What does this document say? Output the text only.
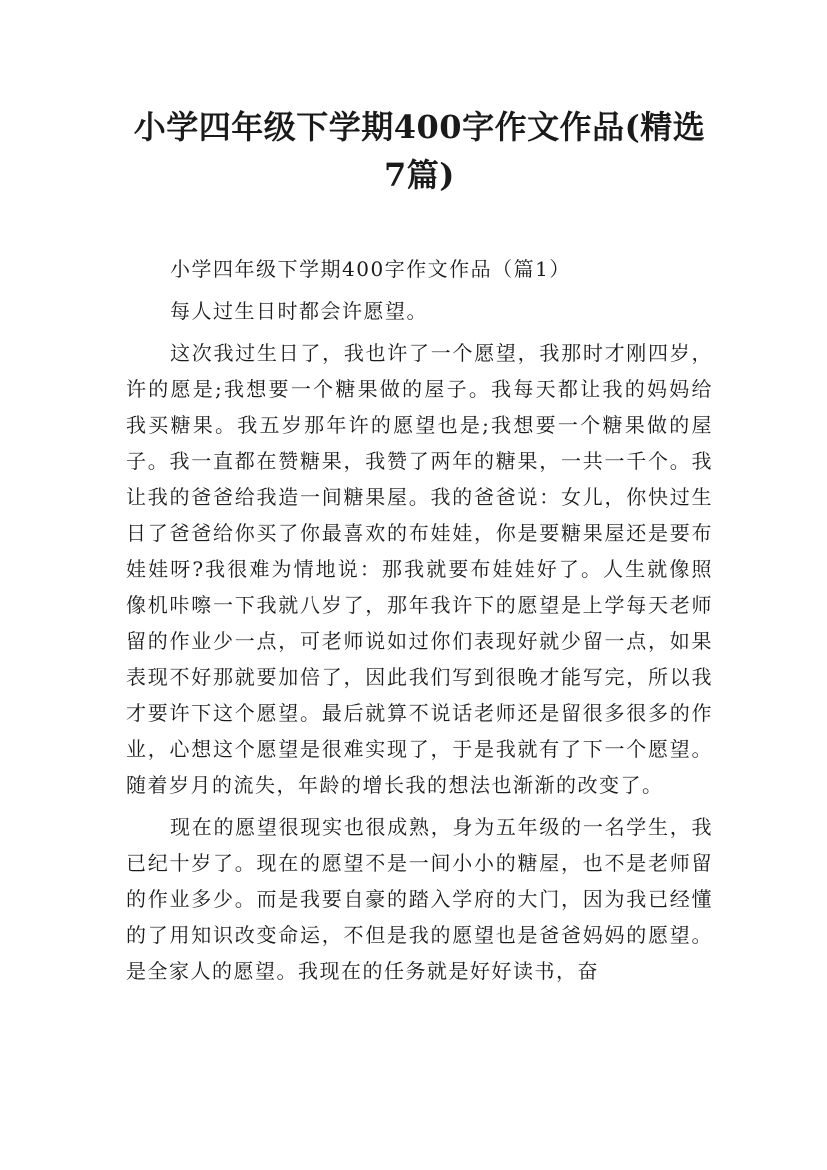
小学四年级下学期400字作文作品(精选7篇)

小学四年级下学期400字作文作品（篇1）

每人过生日时都会许愿望。

这次我过生日了，我也许了一个愿望，我那时才刚四岁，许的愿是;我想要一个糖果做的屋子。我每天都让我的妈妈给我买糖果。我五岁那年许的愿望也是;我想要一个糖果做的屋子。我一直都在赞糖果，我赞了两年的糖果，一共一千个。我让我的爸爸给我造一间糖果屋。我的爸爸说：女儿，你快过生日了爸爸给你买了你最喜欢的布娃娃，你是要糖果屋还是要布娃娃呀?我很难为情地说：那我就要布娃娃好了。人生就像照像机咔嚓一下我就八岁了，那年我许下的愿望是上学每天老师留的作业少一点，可老师说如过你们表现好就少留一点，如果表现不好那就要加倍了，因此我们写到很晚才能写完，所以我才要许下这个愿望。最后就算不说话老师还是留很多很多的作业，心想这个愿望是很难实现了，于是我就有了下一个愿望。随着岁月的流失，年龄的增长我的想法也渐渐的改变了。

现在的愿望很现实也很成熟，身为五年级的一名学生，我已纪十岁了。现在的愿望不是一间小小的糖屋，也不是老师留的作业多少。而是我要自豪的踏入学府的大门，因为我已经懂的了用知识改变命运，不但是我的愿望也是爸爸妈妈的愿望。是全家人的愿望。我现在的任务就是好好读书，奋
